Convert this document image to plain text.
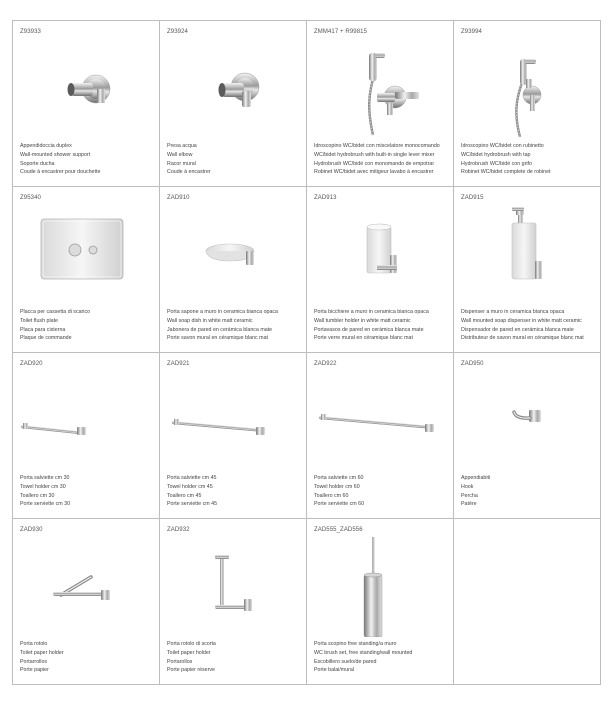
Z93933
Appendidoccia duplex
Wall-mounted shower support
Soporte ducha
Coude à encastrer pour douchette
Z93924
Presa acqua
Wall elbow
Racor mural
Coude à encastrer
ZMM417 + R99815
Idroscopino WC/bidet con miscelatore monocomando
WC/bidet hydrobrush with built-in single lever mixer
Hydrobrush WC/bidé con monomando de empotrar
Robinet WC/bidet avec mitigeur lavabo à encastrer
Z93994
Idroscopino WC/bidet con rubinetto
WC/bidet hydrobrush with tap
Hydrobrush WC/bidé con grifo
Robinet WC/bidet complete de robinet
Z95340
Placca per cassetta di scarico
Toilet flush plate
Placa para cisterna
Plaque de commande
ZAD910
Porta sapone a muro in ceramica bianca opaca
Wall soap dish in white matt ceramic
Jabonera de pared en cerámica blanca mate
Porte savon mural en céramique blanc mat
ZAD913
Porta bicchiere a muro in ceramica bianca opaca
Wall tumbler holder in white matt ceramic
Portavasos de pared en cerámica blanca mate
Porte verre mural en céramique blanc mat
ZAD915
Dispenser a muro in ceramica bianca opaca
Wall mounted soap dispenser in white matt ceramic
Dispensador de pared en cerámica blanca mate
Distributeur de savon mural en céramique blanc mat
ZAD920
Porta salviette cm 30
Towel holder cm 30
Toallero cm 30
Porte serviette cm 30
ZAD921
Porta salviette cm 45
Towel holder cm 45
Toallero cm 45
Porte serviette cm 45
ZAD922
Porta salviette cm 60
Towel holder cm 60
Toallero cm 60
Porte serviette cm 60
ZAD950
Appendiabiti
Hook
Percha
Patère
ZAD930
Porta rotolo
Toilet paper holder
Portarrollos
Porte papier
ZAD932
Porta rotolo di scorta
Toilet paper holder
Portarollos
Porte papier réserve
ZAD555_ZAD556
Porta scopino free standing/a muro
WC brush set, free standing/wall mounted
Escobillero suelo/de pared
Porte balai/mural
